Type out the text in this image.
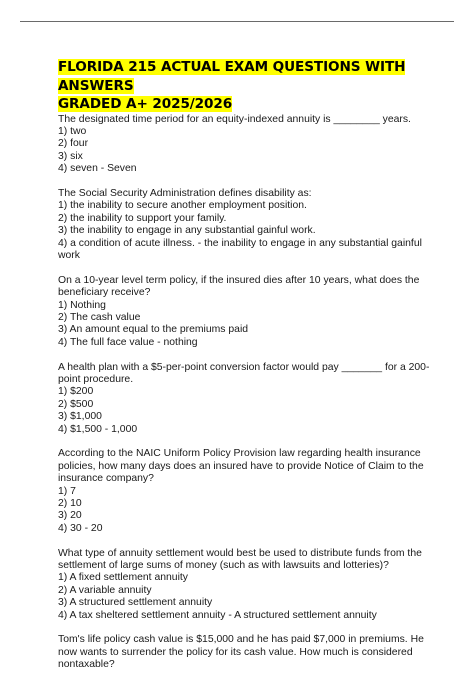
FLORIDA 215 ACTUAL EXAM QUESTIONS WITH ANSWERS
GRADED A+ 2025/2026
The designated time period for an equity-indexed annuity is ________ years.
1) two
2) four
3) six
4) seven - Seven
The Social Security Administration defines disability as:
1) the inability to secure another employment position.
2) the inability to support your family.
3) the inability to engage in any substantial gainful work.
4) a condition of acute illness. - the inability to engage in any substantial gainful work
On a 10-year level term policy, if the insured dies after 10 years, what does the beneficiary receive?
1) Nothing
2) The cash value
3) An amount equal to the premiums paid
4) The full face value - nothing
A health plan with a $5-per-point conversion factor would pay _______ for a 200-point procedure.
1) $200
2) $500
3) $1,000
4) $1,500 - 1,000
According to the NAIC Uniform Policy Provision law regarding health insurance policies, how many days does an insured have to provide Notice of Claim to the insurance company?
1) 7
2) 10
3) 20
4) 30 - 20
What type of annuity settlement would best be used to distribute funds from the settlement of large sums of money (such as with lawsuits and lotteries)?
1) A fixed settlement annuity
2) A variable annuity
3) A structured settlement annuity
4) A tax sheltered settlement annuity - A structured settlement annuity
Tom's life policy cash value is $15,000 and he has paid $7,000 in premiums. He now wants to surrender the policy for its cash value. How much is considered nontaxable?
